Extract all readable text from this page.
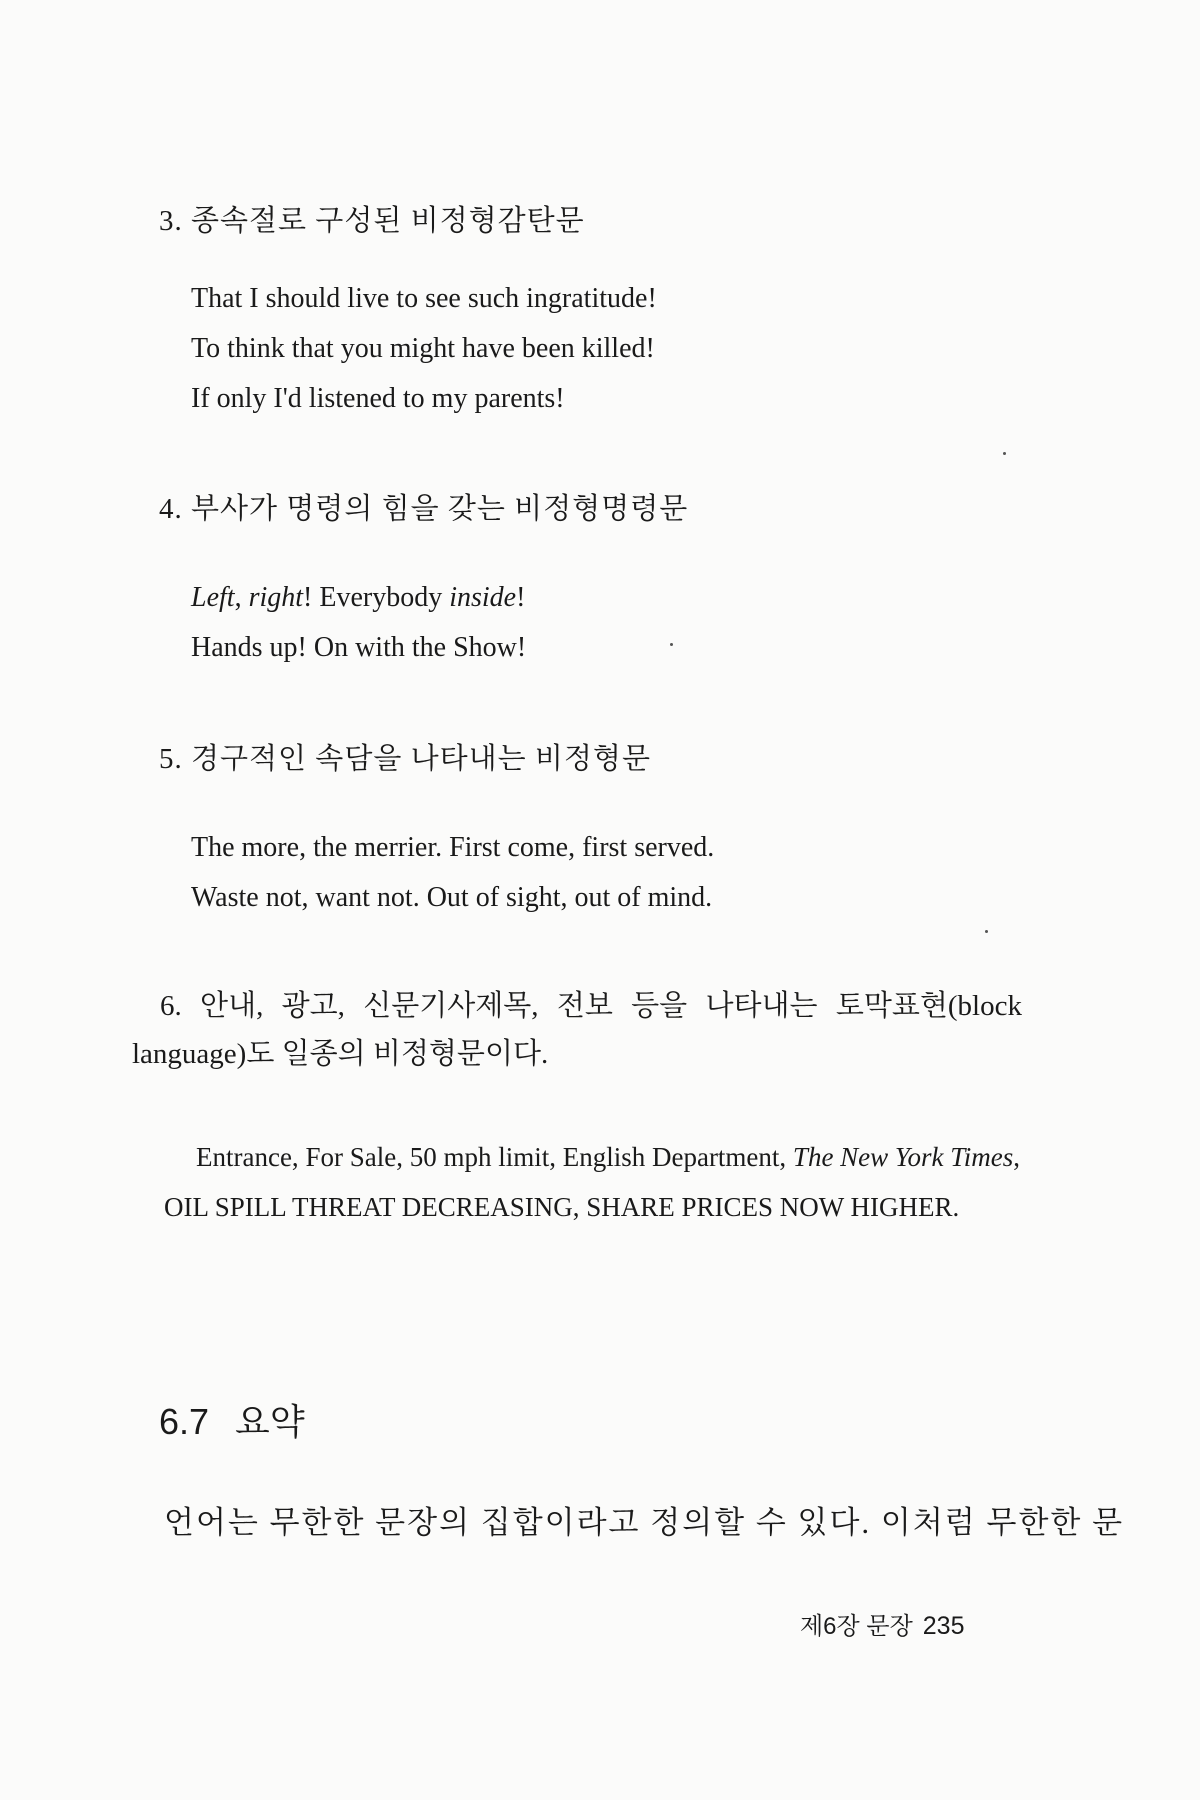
3. 종속절로 구성된 비정형감탄문
That I should live to see such ingratitude!
To think that you might have been killed!
If only I'd listened to my parents!
4. 부사가 명령의 힘을 갖는 비정형명령문
Left, right! Everybody inside!
Hands up! On with the Show!
5. 경구적인 속담을 나타내는 비정형문
The more, the merrier. First come, first served.
Waste not, want not. Out of sight, out of mind.
6. 안내, 광고, 신문기사제목, 전보 등을 나타내는 토막표현(block language)도 일종의 비정형문이다.
Entrance, For Sale, 50 mph limit, English Department, The New York Times, OIL SPILL THREAT DECREASING, SHARE PRICES NOW HIGHER.
6.7 요약
언어는 무한한 문장의 집합이라고 정의할 수 있다. 이처럼 무한한 문
제6장 문장 235
